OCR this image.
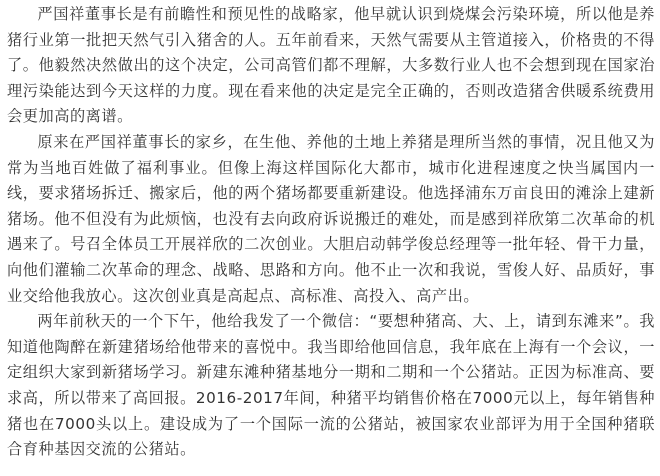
严国祥董事长是有前瞻性和预见性的战略家，他早就认识到烧煤会污染环境，所以他是养猪行业第一批把天然气引入猪舍的人。五年前看来，天然气需要从主管道接入，价格贵的不得了。他毅然决然做出的这个决定，公司高管们都不理解，大多数行业人也不会想到现在国家治理污染能达到今天这样的力度。现在看来他的决定是完全正确的，否则改造猪舍供暖系统费用会更加高的离谱。

原来在严国祥董事长的家乡，在生他、养他的土地上养猪是理所当然的事情，况且他又为常为当地百姓做了福利事业。但像上海这样国际化大都市，城市化进程速度之快当属国内一线，要求猪场拆迁、搬家后，他的两个猪场都要重新建设。他选择浦东万亩良田的滩涂上建新猪场。他不但没有为此烦恼，也没有去向政府诉说搬迁的难处，而是感到祥欣第二次革命的机遇来了。号召全体员工开展祥欣的二次创业。大胆启动韩学俊总经理等一批年轻、骨干力量，向他们灌输二次革命的理念、战略、思路和方向。他不止一次和我说，雪俊人好、品质好，事业交给他我放心。这次创业真是高起点、高标准、高投入、高产出。

两年前秋天的一个下午，他给我发了一个微信：“要想种猪高、大、上，请到东滩来”。我知道他陶醉在新建猪场给他带来的喜悦中。我当即给他回信息，我年底在上海有一个会议，一定组织大家到新猪场学习。新建东滩种猪基地分一期和二期和一个公猪站。正因为标准高、要求高，所以带来了高回报。2016-2017年间，种猪平均销售价格在7000元以上，每年销售种猪也在7000头以上。建设成为了一个国际一流的公猪站，被国家农业部评为用于全国种猪联合育种基因交流的公猪站。
